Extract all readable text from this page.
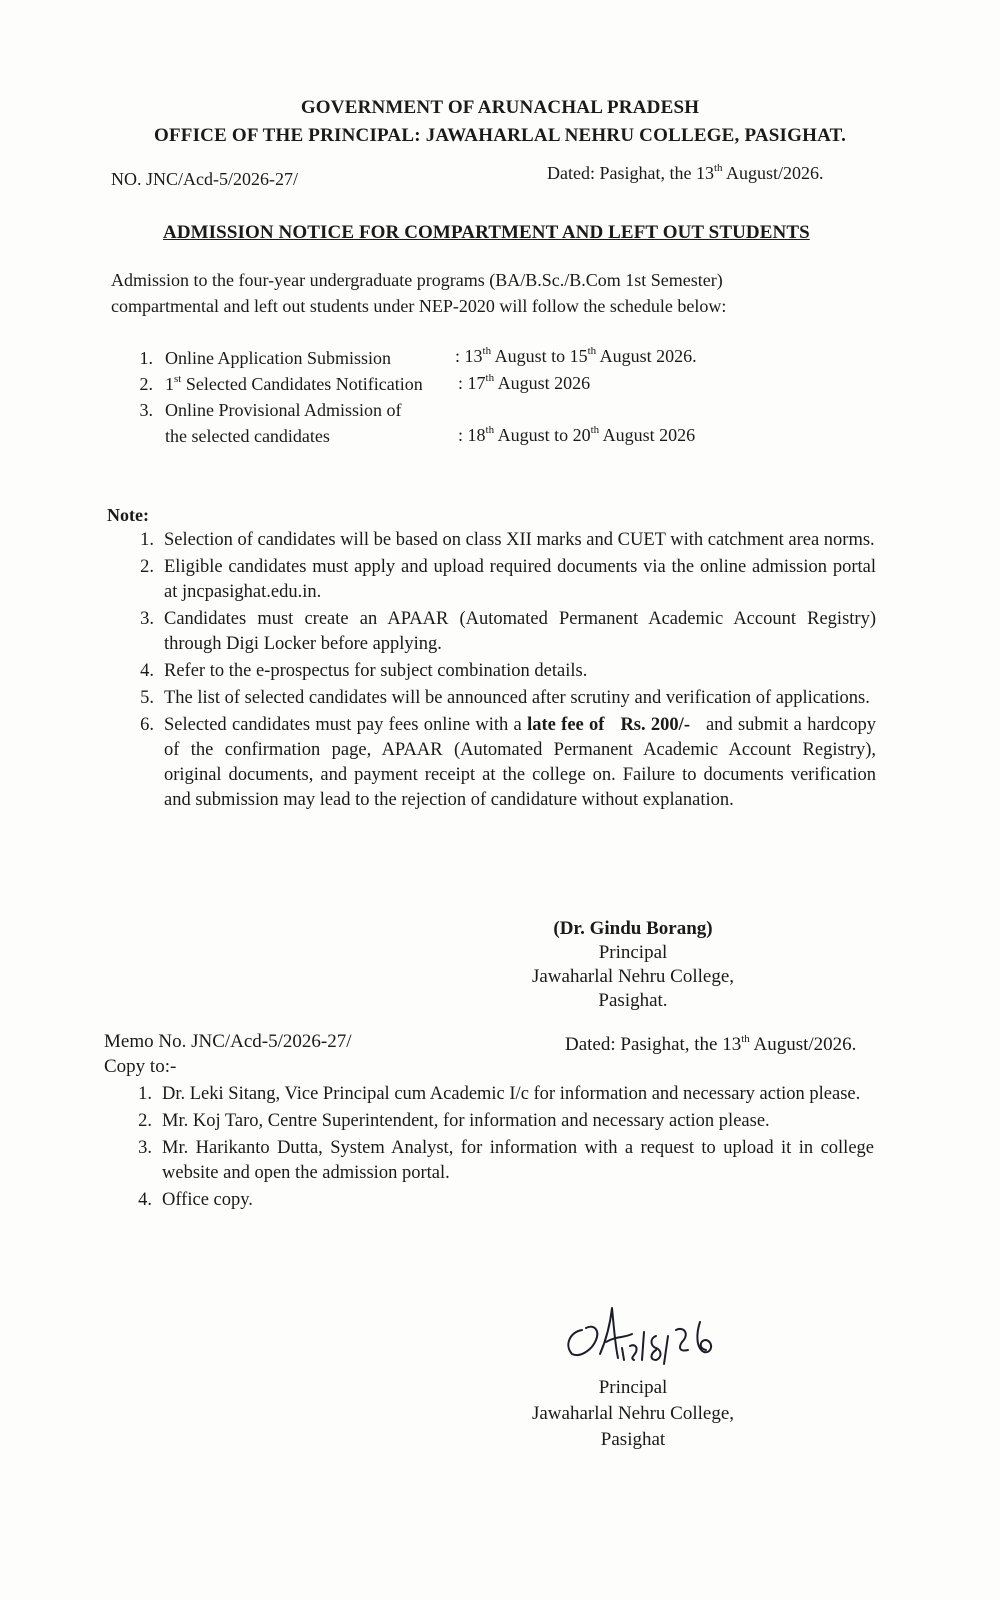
GOVERNMENT OF ARUNACHAL PRADESH
OFFICE OF THE PRINCIPAL: JAWAHARLAL NEHRU COLLEGE, PASIGHAT.
NO. JNC/Acd-5/2026-27/	Dated: Pasighat, the 13th August/2026.
ADMISSION NOTICE FOR COMPARTMENT AND LEFT OUT STUDENTS
Admission to the four-year undergraduate programs (BA/B.Sc./B.Com 1st Semester)
compartmental and left out students under NEP-2020 will follow the schedule below:
1. Online Application Submission	: 13th August to 15th August 2026.
2. 1st Selected Candidates Notification : 17th August 2026
3. Online Provisional Admission of
the selected candidates	: 18th August to 20th August 2026
Note:
1. Selection of candidates will be based on class XII marks and CUET with catchment area norms.
2. Eligible candidates must apply and upload required documents via the online admission portal at jncpasighat.edu.in.
3. Candidates must create an APAAR (Automated Permanent Academic Account Registry) through Digi Locker before applying.
4. Refer to the e-prospectus for subject combination details.
5. The list of selected candidates will be announced after scrutiny and verification of applications.
6. Selected candidates must pay fees online with a late fee of Rs. 200/-   and submit a hardcopy of the confirmation page, APAAR (Automated Permanent Academic Account Registry), original documents, and payment receipt at the college on. Failure to documents verification and submission may lead to the rejection of candidature without explanation.
(Dr. Gindu Borang)
Principal
Jawaharlal Nehru College,
Pasighat.
Memo No. JNC/Acd-5/2026-27/	Dated: Pasighat, the 13th August/2026.
Copy to:-
1. Dr. Leki Sitang, Vice Principal cum Academic I/c for information and necessary action please.
2. Mr. Koj Taro, Centre Superintendent, for information and necessary action please.
3. Mr. Harikanto Dutta, System Analyst, for information with a request to upload it in college website and open the admission portal.
4. Office copy.
Principal
Jawaharlal Nehru College,
Pasighat
